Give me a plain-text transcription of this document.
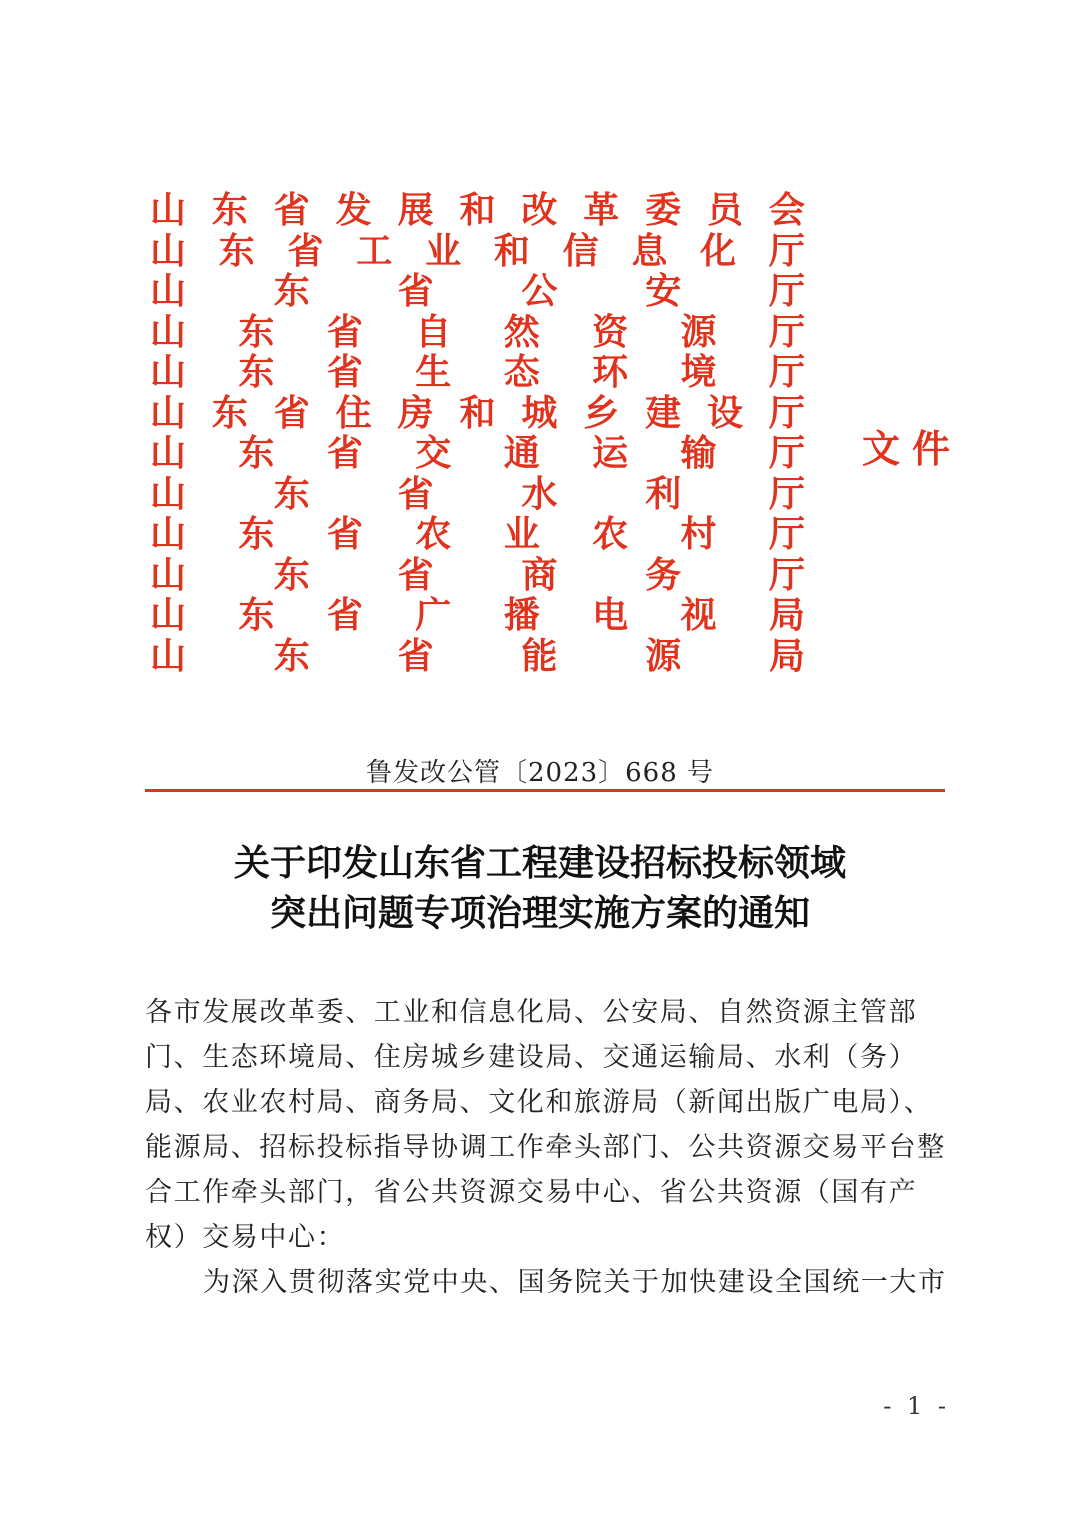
山 东 省 发 展 和 改 革 委 员 会
山 东 省 工 业 和 信 息 化 厅
山 东 省 公 安 厅
山 东 省 自 然 资 源 厅
山 东 省 生 态 环 境 厅
山 东 省 住 房 和 城 乡 建 设 厅
山 东 省 交 通 运 输 厅
山 东 省 水 利 厅
山 东 省 农 业 农 村 厅
山 东 省 商 务 厅
山 东 省 广 播 电 视 局
山 东 省 能 源 局
文件
鲁发改公管〔2023〕668 号
关于印发山东省工程建设招标投标领域
突出问题专项治理实施方案的通知

各市发展改革委、工业和信息化局、公安局、自然资源主管部门、生态环境局、住房城乡建设局、交通运输局、水利（务）局、农业农村局、商务局、文化和旅游局（新闻出版广电局）、能源局、招标投标指导协调工作牵头部门、公共资源交易平台整合工作牵头部门，省公共资源交易中心、省公共资源（国有产权）交易中心：

为深入贯彻落实党中央、国务院关于加快建设全国统一大市

- 1 -
